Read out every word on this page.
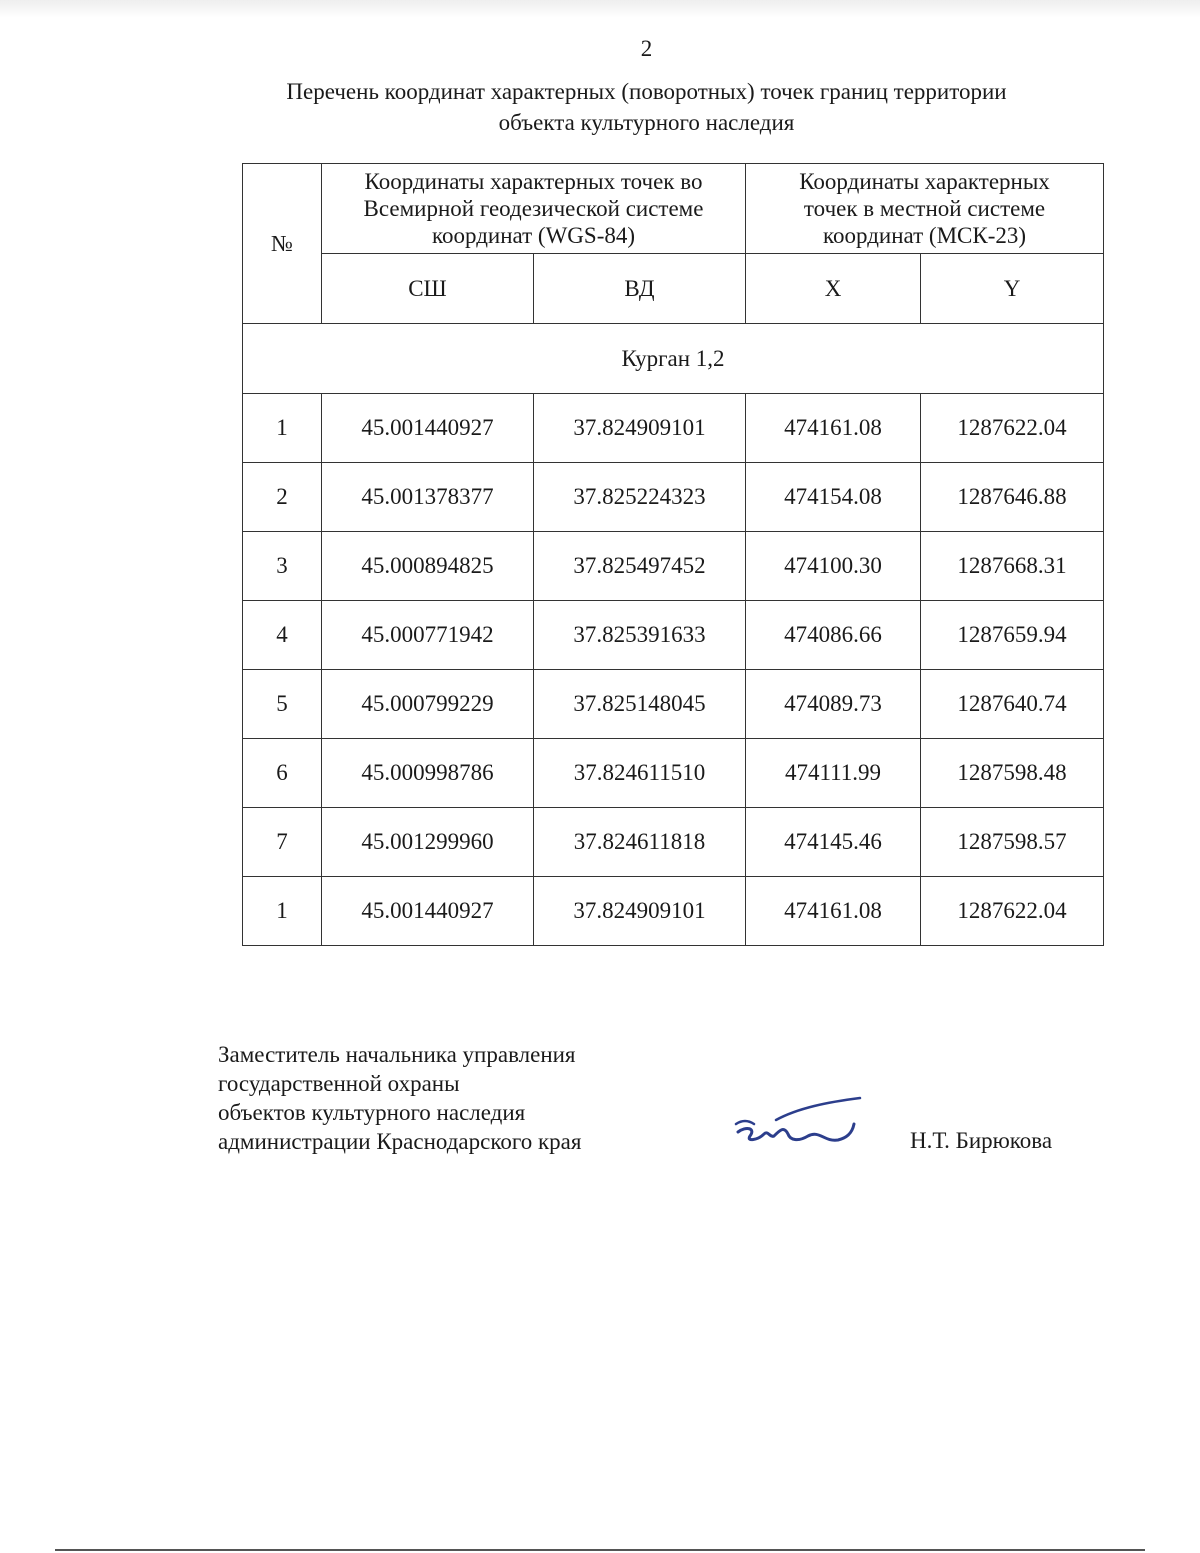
2
Перечень координат характерных (поворотных) точек границ территории
объекта культурного наследия
№	Координаты характерных точек во Всемирной геодезической системе координат (WGS-84)		Координаты характерных точек в местной системе координат (МСК-23)	
	СШ	ВД	X	Y
Курган 1,2				
1	45.001440927	37.824909101	474161.08	1287622.04
2	45.001378377	37.825224323	474154.08	1287646.88
3	45.000894825	37.825497452	474100.30	1287668.31
4	45.000771942	37.825391633	474086.66	1287659.94
5	45.000799229	37.825148045	474089.73	1287640.74
6	45.000998786	37.824611510	474111.99	1287598.48
7	45.001299960	37.824611818	474145.46	1287598.57
1	45.001440927	37.824909101	474161.08	1287622.04
Заместитель начальника управления
государственной охраны
объектов культурного наследия
администрации Краснодарского края	Н.Т. Бирюкова
